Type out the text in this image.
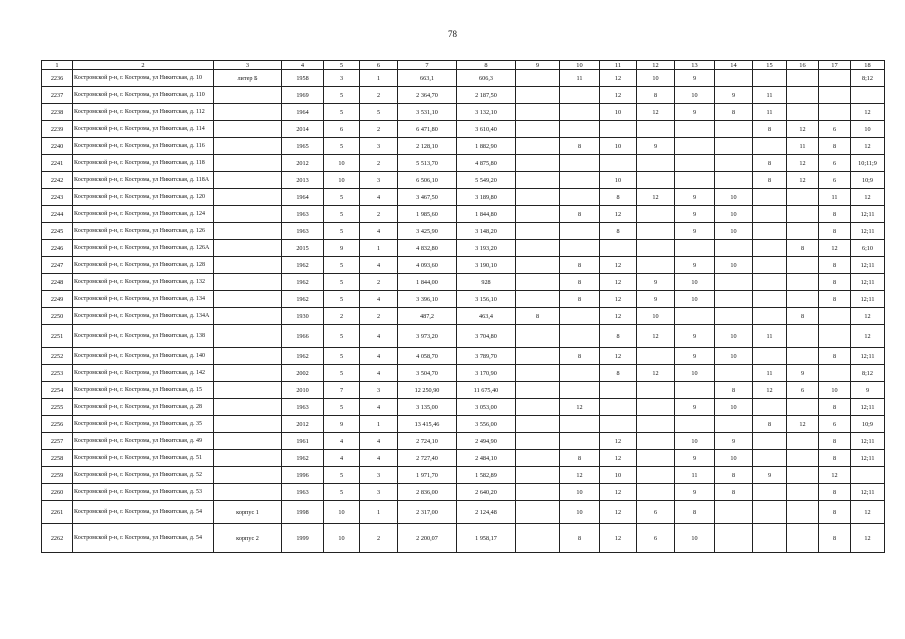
78
1	2	3	4	5	6	7	8	9	10	11	12	13	14	15	16	17	18
2236	Костромской р-н, г. Кострома, ул Никитская, д. 10	литер Б	1958	3	1	663,1	606,3		11	12	10	9					8;12
2237	Костромской р-н, г. Кострома, ул Никитская, д. 110		1969	5	2	2 364,70	2 187,50			12	8	10	9	11			
2238	Костромской р-н, г. Кострома, ул Никитская, д. 112		1964	5	5	3 531,10	3 132,10			10	12	9	8	11			12
2239	Костромской р-н, г. Кострома, ул Никитская, д. 114		2014	6	2	6 471,80	3 610,40							8	12	6	10
2240	Костромской р-н, г. Кострома, ул Никитская, д. 116		1965	5	3	2 128,10	1 882,90		8	10	9				11	8	12
2241	Костромской р-н, г. Кострома, ул Никитская, д. 118		2012	10	2	5 513,70	4 875,80							8	12	6	10;11;9
2242	Костромской р-н, г. Кострома, ул Никитская, д. 118А		2013	10	3	6 506,10	5 549,20			10				8	12	6	10;9
2243	Костромской р-н, г. Кострома, ул Никитская, д. 120		1964	5	4	3 467,50	3 189,80			8	12	9	10			11	12
2244	Костромской р-н, г. Кострома, ул Никитская, д. 124		1963	5	2	1 985,60	1 844,80		8	12		9	10			8	12;11
2245	Костромской р-н, г. Кострома, ул Никитская, д. 126		1963	5	4	3 425,90	3 148,20			8		9	10			8	12;11
2246	Костромской р-н, г. Кострома, ул Никитская, д. 126А		2015	9	1	4 832,80	3 193,20								8	12	6;10
2247	Костромской р-н, г. Кострома, ул Никитская, д. 128		1962	5	4	4 093,60	3 190,10		8	12		9	10			8	12;11
2248	Костромской р-н, г. Кострома, ул Никитская, д. 132		1962	5	2	1 844,00	928		8	12	9	10				8	12;11
2249	Костромской р-н, г. Кострома, ул Никитская, д. 134		1962	5	4	3 396,10	3 156,10		8	12	9	10				8	12;11
2250	Костромской р-н, г. Кострома, ул Никитская, д. 134А		1930	2	2	487,2	463,4	8		12	10				8		12
2251	Костромской р-н, г. Кострома, ул Никитская, д. 138		1966	5	4	3 973,20	3 704,80			8	12	9	10	11			12
2252	Костромской р-н, г. Кострома, ул Никитская, д. 140		1962	5	4	4 058,70	3 789,70		8	12		9	10			8	12;11
2253	Костромской р-н, г. Кострома, ул Никитская, д. 142		2002	5	4	3 504,70	3 170,90			8	12	10		11	9		8;12
2254	Костромской р-н, г. Кострома, ул Никитская, д. 15		2010	7	3	12 250,90	11 675,40						8	12	6	10	9
2255	Костромской р-н, г. Кострома, ул Никитская, д. 28		1963	5	4	3 135,00	3 053,00		12			9	10			8	12;11
2256	Костромской р-н, г. Кострома, ул Никитская, д. 35		2012	9	1	13 415,46	3 556,00							8	12	6	10;9
2257	Костромской р-н, г. Кострома, ул Никитская, д. 49		1961	4	4	2 724,10	2 494,90			12		10	9			8	12;11
2258	Костромской р-н, г. Кострома, ул Никитская, д. 51		1962	4	4	2 727,40	2 484,10		8	12		9	10			8	12;11
2259	Костромской р-н, г. Кострома, ул Никитская, д. 52		1996	5	3	1 971,70	1 582,89		12	10		11	8	9		12	
2260	Костромской р-н, г. Кострома, ул Никитская, д. 53		1963	5	3	2 836,00	2 640,20		10	12		9	8			8	12;11
2261	Костромской р-н, г. Кострома, ул Никитская, д. 54	корпус 1	1998	10	1	2 317,00	2 124,48		10	12	6	8				8	12
2262	Костромской р-н, г. Кострома, ул Никитская, д. 54	корпус 2	1999	10	2	2 200,07	1 958,17		8	12	6	10				8	12
